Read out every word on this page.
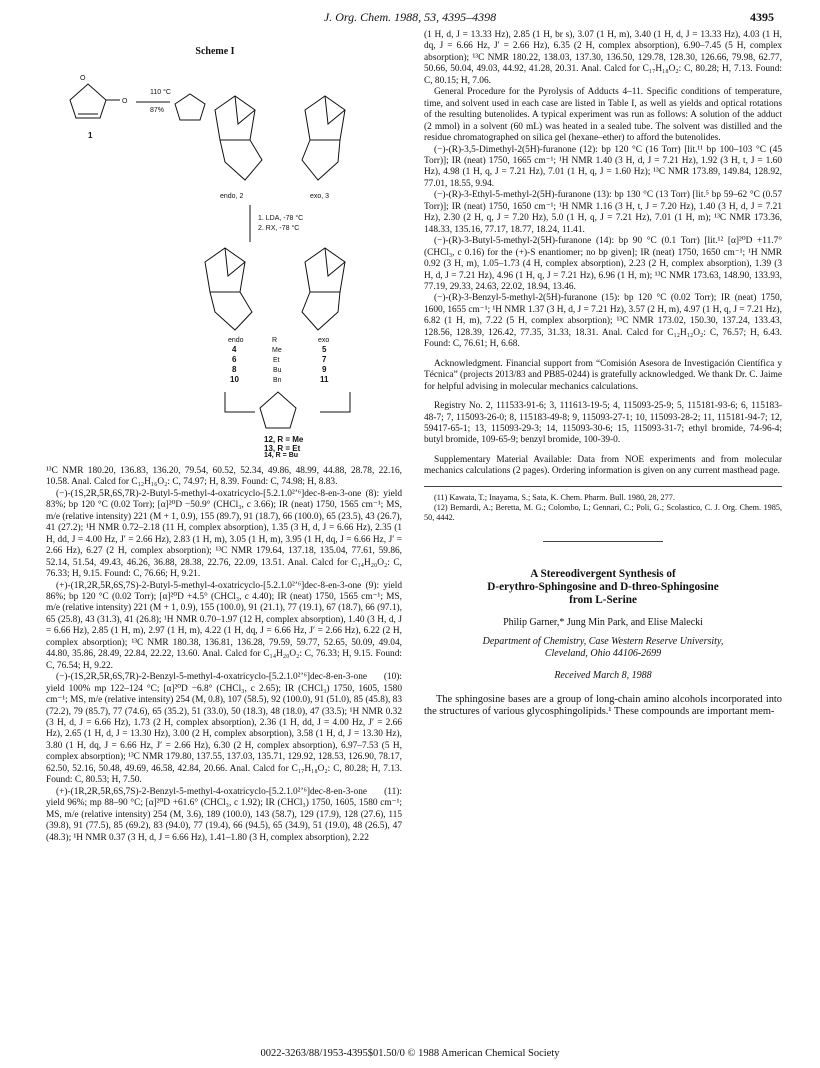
J. Org. Chem. 1988, 53, 4395–4398	4395
Scheme I
O
O
1
110 °C
87%
endo, 2	exo, 3
1. LDA, -78 °C
2. RX, -78 °C
endo	R	exo
4	Me	5
6	Et	7
8	Bu	9
10	Bn	11
12, R = Me
13, R = Et
14, R = Bu

¹³C NMR 180.20, 136.83, 136.20, 79.54, 60.52, 52.34, 49.86, 48.99, 44.88, 28.78, 22.16, 10.58. Anal. Calcd for C₁₂H₁₆O₂: C, 74.97; H, 8.39. Found: C, 74.98; H, 8.83.

(−)-(1S,2R,5R,6S,7R)-2-Butyl-5-methyl-4-oxatricyclo-[5.2.1.0²ʼ⁶]dec-8-en-3-one (8): yield 83%; bp 120 °C (0.02 Torr); [α]²⁰D −50.9° (CHCl₃, c 3.66); IR (neat) 1750, 1565 cm⁻¹; MS, m/e (relative intensity) 221 (M + 1, 0.9), 155 (89.7), 91 (18.7), 66 (100.0), 65 (23.5), 43 (26.7), 41 (27.2); ¹H NMR 0.72–2.18 (11 H, complex absorption), 1.35 (3 H, d, J = 6.66 Hz), 2.35 (1 H, dd, J = 4.00 Hz, J′ = 2.66 Hz), 2.83 (1 H, m), 3.05 (1 H, m), 3.95 (1 H, dq, J = 6.66 Hz, J′ = 2.66 Hz), 6.27 (2 H, complex absorption); ¹³C NMR 179.64, 137.18, 135.04, 77.61, 59.86, 52.14, 51.54, 49.43, 46.26, 36.88, 28.38, 22.76, 22.09, 13.51. Anal. Calcd for C₁₄H₂₀O₂: C, 76.33; H, 9.15. Found: C, 76.66; H, 9.21.

(+)-(1R,2R,5R,6S,7S)-2-Butyl-5-methyl-4-oxatricyclo-[5.2.1.0²ʼ⁶]dec-8-en-3-one (9): yield 86%; bp 120 °C (0.02 Torr); [α]²⁰D +4.5° (CHCl₃, c 4.40); IR (neat) 1750, 1565 cm⁻¹; MS, m/e (relative intensity) 221 (M + 1, 0.9), 155 (100.0), 91 (21.1), 77 (19.1), 67 (18.7), 66 (97.1), 65 (25.8), 43 (31.3), 41 (26.8); ¹H NMR 0.70–1.97 (12 H, complex absorption), 1.40 (3 H, d, J = 6.66 Hz), 2.85 (1 H, m), 2.97 (1 H, m), 4.22 (1 H, dq, J = 6.66 Hz, J′ = 2.66 Hz), 6.22 (2 H, complex absorption); ¹³C NMR 180.38, 136.81, 136.28, 79.59, 59.77, 52.65, 50.09, 49.04, 44.80, 35.86, 28.49, 22.84, 22.22, 13.60. Anal. Calcd for C₁₄H₂₀O₂: C, 76.33; H, 9.15. Found: C, 76.54; H, 9.22.

(−)-(1S,2R,5R,6S,7R)-2-Benzyl-5-methyl-4-oxatricyclo-[5.2.1.0²ʼ⁶]dec-8-en-3-one (10): yield 100% mp 122–124 °C; [α]²⁰D −6.8° (CHCl₃, c 2.65); IR (CHCl₃) 1750, 1605, 1580 cm⁻¹; MS, m/e (relative intensity) 254 (M, 0.8), 107 (58.5), 92 (100.0), 91 (51.0), 85 (45.8), 83 (72.2), 79 (85.7), 77 (74.6), 65 (35.2), 51 (33.0), 50 (18.3), 48 (18.0), 47 (33.5); ¹H NMR 0.32 (3 H, d, J = 6.66 Hz), 1.73 (2 H, complex absorption), 2.36 (1 H, dd, J = 4.00 Hz, J′ = 2.66 Hz), 2.65 (1 H, d, J = 13.30 Hz), 3.00 (2 H, complex absorption), 3.58 (1 H, d, J = 13.30 Hz), 3.80 (1 H, dq, J = 6.66 Hz, J′ = 2.66 Hz), 6.30 (2 H, complex absorption), 6.97–7.53 (5 H, complex absorption); ¹³C NMR 179.80, 137.55, 137.03, 135.71, 129.92, 128.53, 126.90, 78.17, 62.50, 52.16, 50.48, 49.69, 46.58, 42.84, 20.66. Anal. Calcd for C₁₇H₁₈O₂: C, 80.28; H, 7.13. Found: C, 80.53; H, 7.50.

(+)-(1R,2R,5R,6S,7S)-2-Benzyl-5-methyl-4-oxatricyclo-[5.2.1.0²ʼ⁶]dec-8-en-3-one (11): yield 96%; mp 88–90 °C; [α]²⁰D +61.6° (CHCl₃, c 1.92); IR (CHCl₃) 1750, 1605, 1580 cm⁻¹; MS, m/e (relative intensity) 254 (M, 3.6), 189 (100.0), 143 (58.7), 129 (17.9), 128 (27.6), 115 (39.8), 91 (77.5), 85 (69.2), 83 (94.0), 77 (19.4), 66 (94.5), 65 (34.9), 51 (19.0), 48 (26.5), 47 (48.3); ¹H NMR 0.37 (3 H, d, J = 6.66 Hz), 1.41–1.80 (3 H, complex absorption), 2.22

(1 H, d, J = 13.33 Hz), 2.85 (1 H, br s), 3.07 (1 H, m), 3.40 (1 H, d, J = 13.33 Hz), 4.03 (1 H, dq, J = 6.66 Hz, J′ = 2.66 Hz), 6.35 (2 H, complex absorption), 6.90–7.45 (5 H, complex absorption); ¹³C NMR 180.22, 138.03, 137.30, 136.50, 129.78, 128.30, 126.66, 79.98, 62.77, 50.66, 50.04, 49.03, 44.92, 41.28, 20.31. Anal. Calcd for C₁₇H₁₈O₂: C, 80.28; H, 7.13. Found: C, 80.15; H, 7.06.

General Procedure for the Pyrolysis of Adducts 4–11. Specific conditions of temperature, time, and solvent used in each case are listed in Table I, as well as yields and optical rotations of the resulting butenolides. A typical experiment was run as follows: A solution of the adduct (2 mmol) in a solvent (60 mL) was heated in a sealed tube. The solvent was distilled and the residue chromatographed on silica gel (hexane–ether) to afford the butenolides.

(−)-(R)-3,5-Dimethyl-2(5H)-furanone (12): bp 120 °C (16 Torr) [lit.¹¹ bp 100–103 °C (45 Torr)]; IR (neat) 1750, 1665 cm⁻¹; ¹H NMR 1.40 (3 H, d, J = 7.21 Hz), 1.92 (3 H, t, J = 1.60 Hz), 4.98 (1 H, q, J = 7.21 Hz), 7.01 (1 H, q, J = 1.60 Hz); ¹³C NMR 173.89, 149.84, 128.92, 77.01, 18.55, 9.94.

(−)-(R)-3-Ethyl-5-methyl-2(5H)-furanone (13): bp 130 °C (13 Torr) [lit.⁵ bp 59–62 °C (0.57 Torr)]; IR (neat) 1750, 1650 cm⁻¹; ¹H NMR 1.16 (3 H, t, J = 7.20 Hz), 1.40 (3 H, d, J = 7.21 Hz), 2.30 (2 H, q, J = 7.20 Hz), 5.0 (1 H, q, J = 7.21 Hz), 7.01 (1 H, m); ¹³C NMR 173.36, 148.33, 135.16, 77.17, 18.77, 18.24, 11.41.

(−)-(R)-3-Butyl-5-methyl-2(5H)-furanone (14): bp 90 °C (0.1 Torr) [lit.¹² [α]²⁰D +11.7° (CHCl₃, c 0.16) for the (+)-S enantiomer; no bp given]; IR (neat) 1750, 1650 cm⁻¹; ¹H NMR 0.92 (3 H, m), 1.05–1.73 (4 H, complex absorption), 2.23 (2 H, complex absorption), 1.39 (3 H, d, J = 7.21 Hz), 4.96 (1 H, q, J = 7.21 Hz), 6.96 (1 H, m); ¹³C NMR 173.63, 148.90, 133.93, 77.19, 29.33, 24.63, 22.02, 18.94, 13.46.

(−)-(R)-3-Benzyl-5-methyl-2(5H)-furanone (15): bp 120 °C (0.02 Torr); IR (neat) 1750, 1600, 1655 cm⁻¹; ¹H NMR 1.37 (3 H, d, J = 7.21 Hz), 3.57 (2 H, m), 4.97 (1 H, q, J = 7.21 Hz), 6.82 (1 H, m), 7.22 (5 H, complex absorption); ¹³C NMR 173.02, 150.30, 137.24, 133.43, 128.56, 128.39, 126.42, 77.35, 31.33, 18.31. Anal. Calcd for C₁₂H₁₂O₂: C, 76.57; H, 6.43. Found: C, 76.61; H, 6.68.

Acknowledgment. Financial support from “Comisión Asesora de Investigación Científica y Técnica” (projects 2013/83 and PB85-0244) is gratefully acknowledged. We thank Dr. C. Jaime for helpful advising in molecular mechanics calculations.

Registry No. 2, 111533-91-6; 3, 111613-19-5; 4, 115093-25-9; 5, 115181-93-6; 6, 115183-48-7; 7, 115093-26-0; 8, 115183-49-8; 9, 115093-27-1; 10, 115093-28-2; 11, 115181-94-7; 12, 59417-65-1; 13, 115093-29-3; 14, 115093-30-6; 15, 115093-31-7; ethyl bromide, 74-96-4; butyl bromide, 109-65-9; benzyl bromide, 100-39-0.

Supplementary Material Available: Data from NOE experiments and from molecular mechanics calculations (2 pages). Ordering information is given on any current masthead page.

(11) Kawata, T.; Inayama, S.; Sata, K. Chem. Pharm. Bull. 1980, 28, 277.

(12) Bernardi, A.; Beretta, M. G.; Colombo, L; Gennari, C.; Poli, G.; Scolastico, C. J. Org. Chem. 1985, 50, 4442.

A Stereodivergent Synthesis of
D-erythro-Sphingosine and D-threo-Sphingosine
from L-Serine
Philip Garner,* Jung Min Park, and Elise Malecki
Department of Chemistry, Case Western Reserve University,
Cleveland, Ohio 44106-2699
Received March 8, 1988

The sphingosine bases are a group of long-chain amino alcohols incorporated into the structures of various glycosphingolipids.¹ These compounds are important mem-

0022-3263/88/1953-4395$01.50/0 © 1988 American Chemical Society
